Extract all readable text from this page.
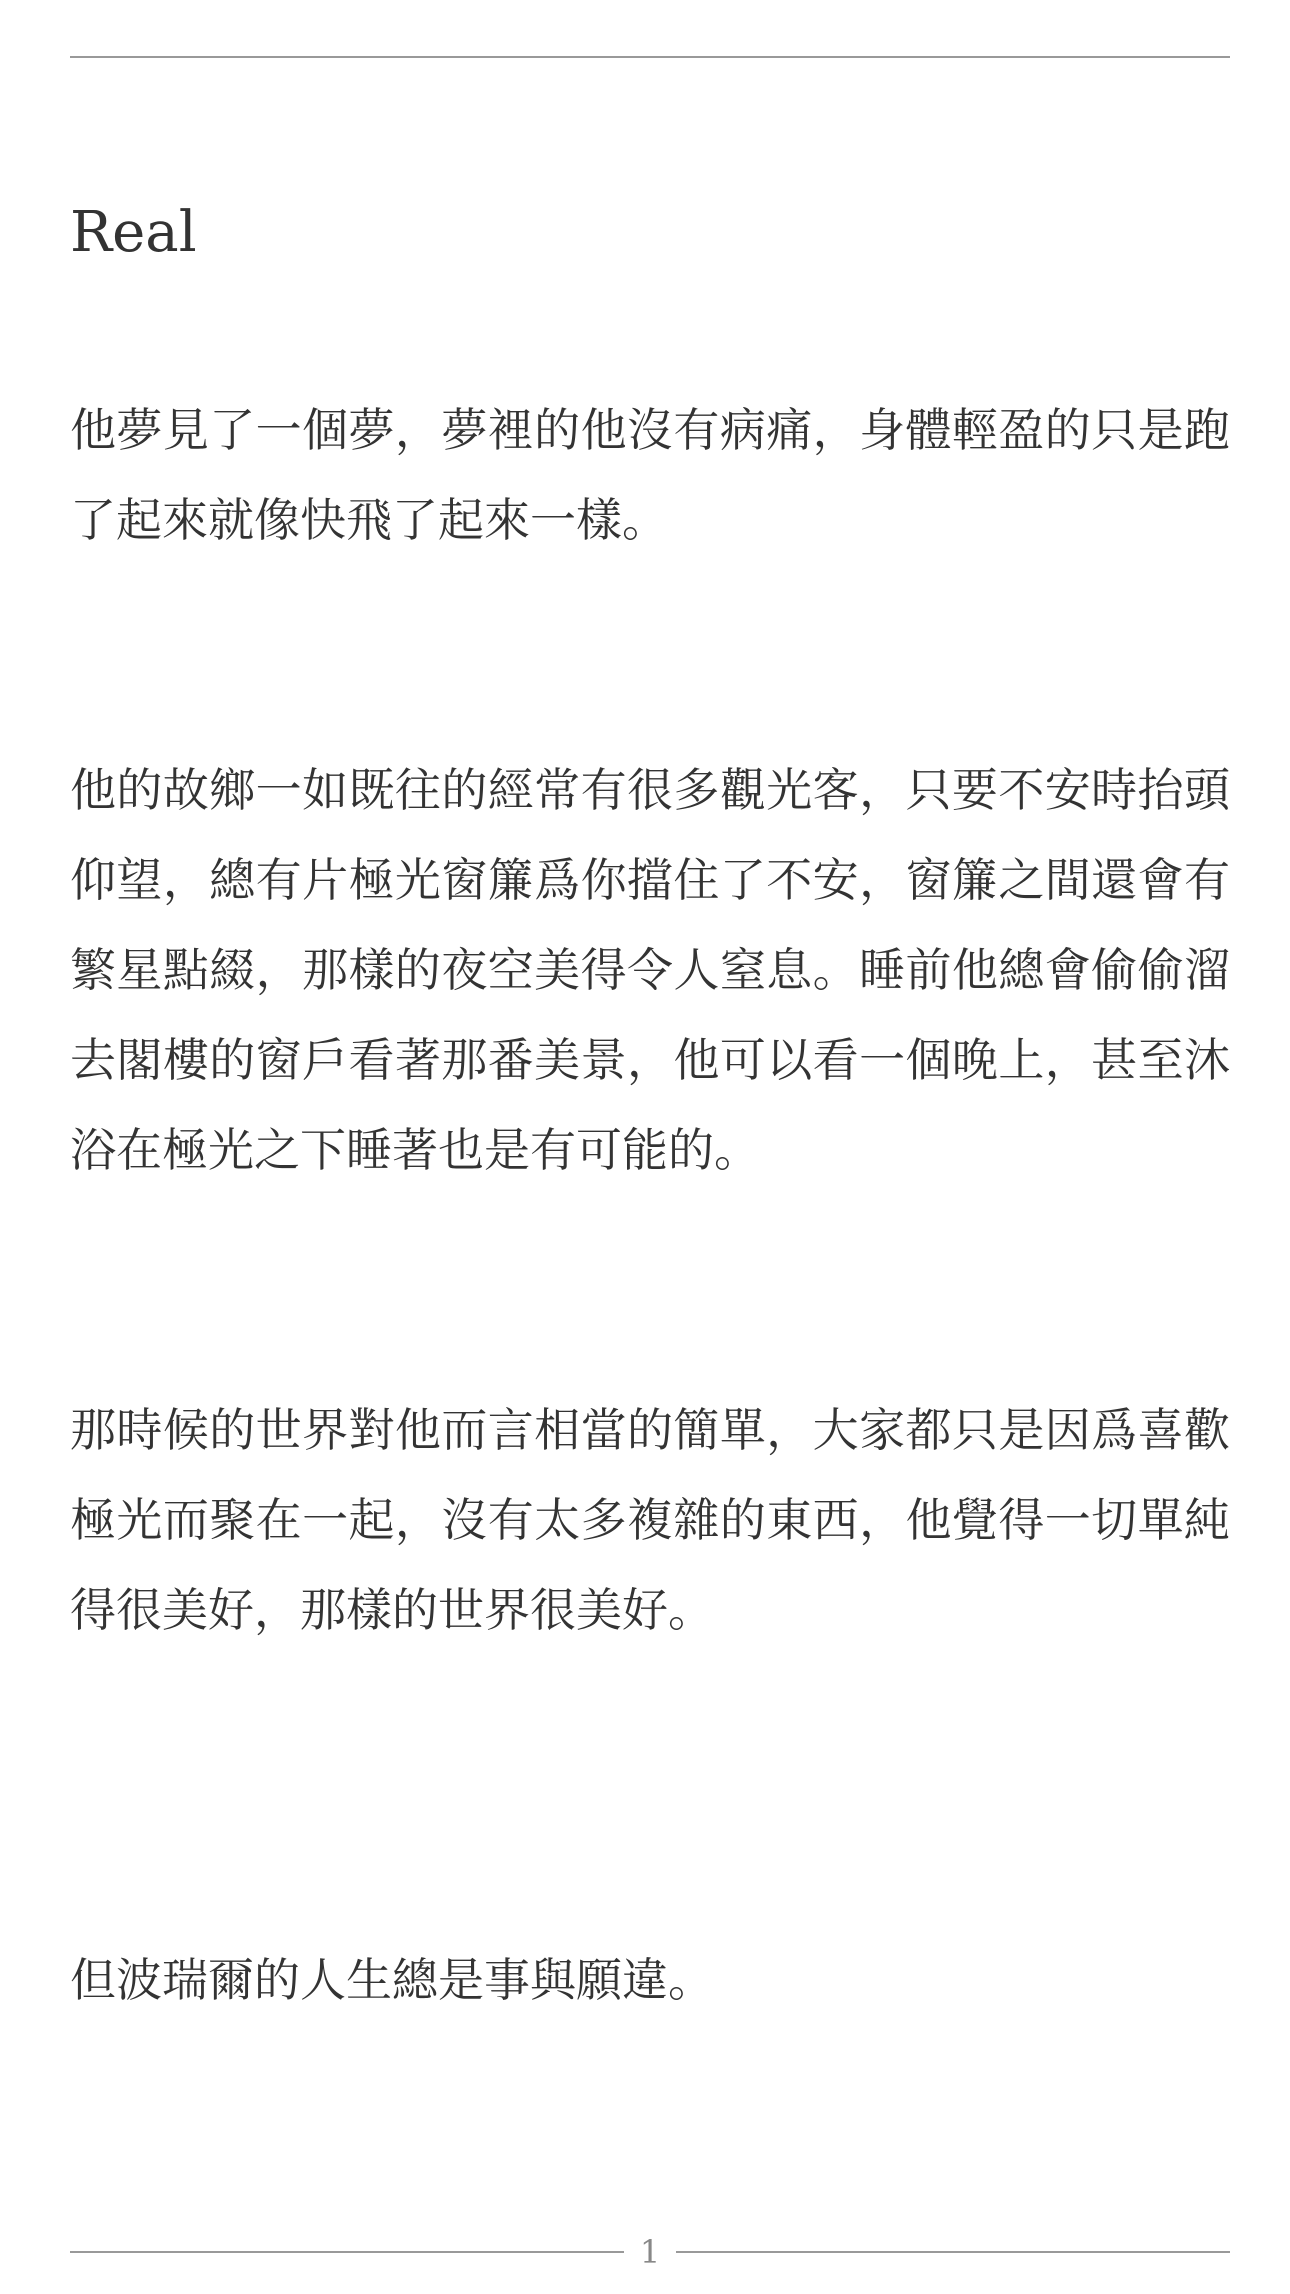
Real

他夢見了一個夢，夢裡的他沒有病痛，身體輕盈的只是跑了起來就像快飛了起來一樣。

他的故鄉一如既往的經常有很多觀光客，只要不安時抬頭仰望，總有片極光窗簾爲你擋住了不安，窗簾之間還會有繁星點綴，那樣的夜空美得令人窒息。睡前他總會偷偷溜去閣樓的窗戶看著那番美景，他可以看一個晚上，甚至沐浴在極光之下睡著也是有可能的。

那時候的世界對他而言相當的簡單，大家都只是因爲喜歡極光而聚在一起，沒有太多複雜的東西，他覺得一切單純得很美好，那樣的世界很美好。

但波瑞爾的人生總是事與願違。

1
